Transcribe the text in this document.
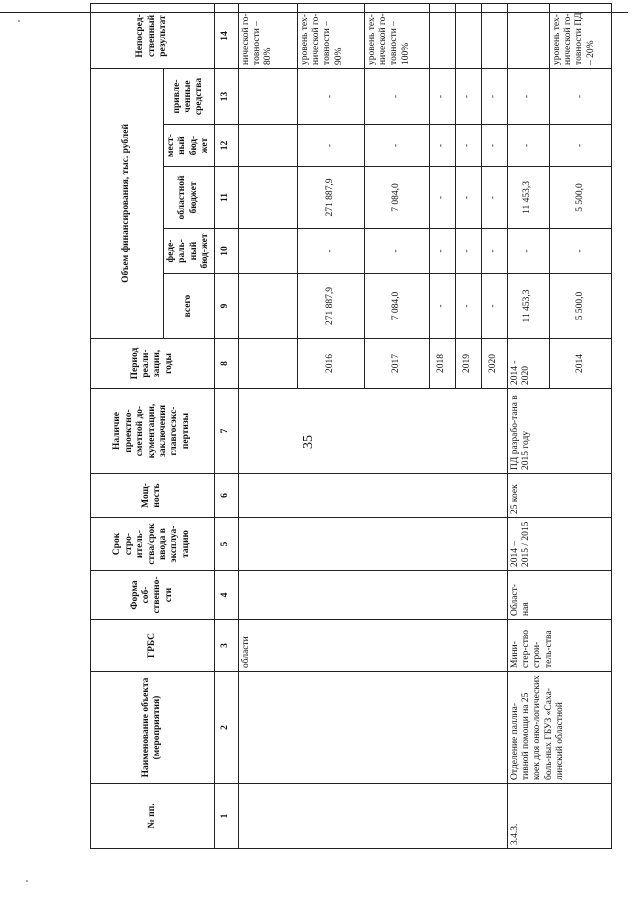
35
№ пп.	Наименование объекта (мероприятия)	ГРБС	Форма соб-ственно-сти	Срок стро-итель-ства/срок ввода в эксплуа-тацию	Мощ-ность	Наличие проектно-сметной до-кументации, заключения главгосэкс-пертизы	Период реали-зации, годы	Объем финансирования, тыс. рублей					Непосред-ственный результат
								всего	феде-раль-ный бюд-жет	областной бюджет	мест-ный бюд-жет	привле-ченные средства	
1	2	3	4	5	6	7	8	9	10	11	12	13	14
		области											нической го-товности – 80%
							2016	271 887,9	-	271 887,9	-	-	уровень тех-нической го-товности – 90%
							2017	7 084,0	-	7 084,0	-	-	уровень тех-нической го-товности – 100%
							2018	-	-	-	-	-	
							2019	-	-	-	-	-	
							2020	-	-	-	-	-	
3.4.3.	Отделение паллиа-тивной помощи на 25 коек для онко-логических боль-ных ГБУЗ «Саха-линский областной	Мини-стер-ство строи-тель-ства	Област-ная	2014 – 2015 / 2015	25 коек	ПД разрабо-тана в 2015 году	2014 - 2020	11 453,3	-	11 453,3	-	-	
							2014	5 500,0	-	5 500,0	-	-	уровень тех-нической го-товности ПД – 20%
